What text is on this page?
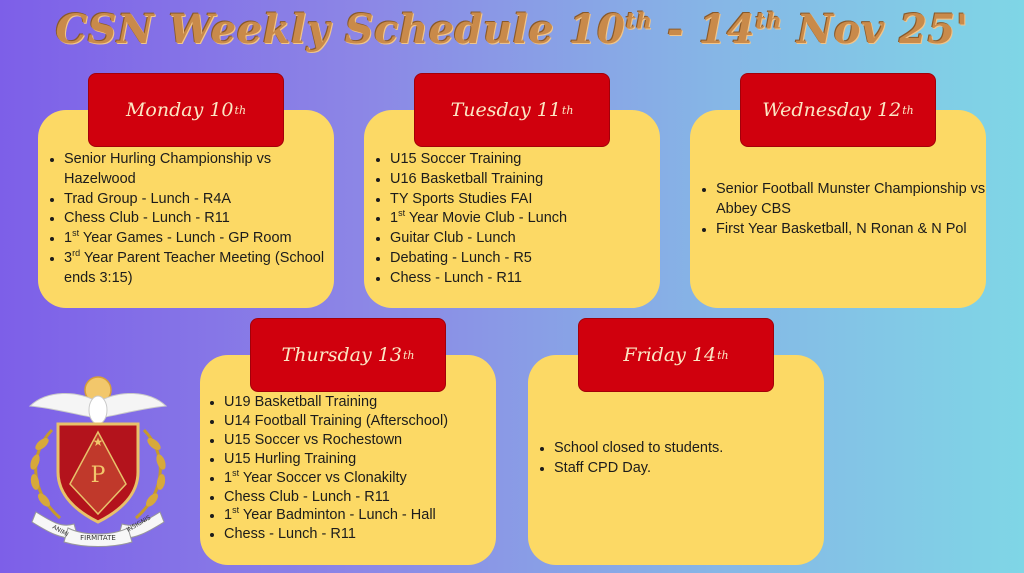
CSN Weekly Schedule 10th - 14th Nov 25'
Monday 10 th
• Senior Hurling Championship vs Hazelwood
• Trad Group - Lunch - R4A
• Chess Club - Lunch - R11
• 1st Year Games - Lunch - GP Room
• 3rd Year Parent Teacher Meeting (School ends 3:15)
Tuesday 11 th
• U15 Soccer Training
• U16 Basketball Training
• TY Sports Studies FAI
• 1st Year Movie Club - Lunch
• Guitar Club - Lunch
• Debating - Lunch - R5
• Chess - Lunch - R11
Wednesday 12 th
• Senior Football Munster Championship vs Abbey CBS
• First Year Basketball, N Ronan & N Pol
Thursday 13 th
• U19 Basketball Training
• U14 Football Training (Afterschool)
• U15 Soccer vs Rochestown
• U15 Hurling Training
• 1st Year Soccer vs Clonakilty
• Chess Club - Lunch - R11
• 1st Year Badminton - Lunch - Hall
• Chess - Lunch - R11
Friday 14 th
• School closed to students.
• Staff CPD Day.
★
P
ANIMI	INSIGNIS
FIRMITATE
